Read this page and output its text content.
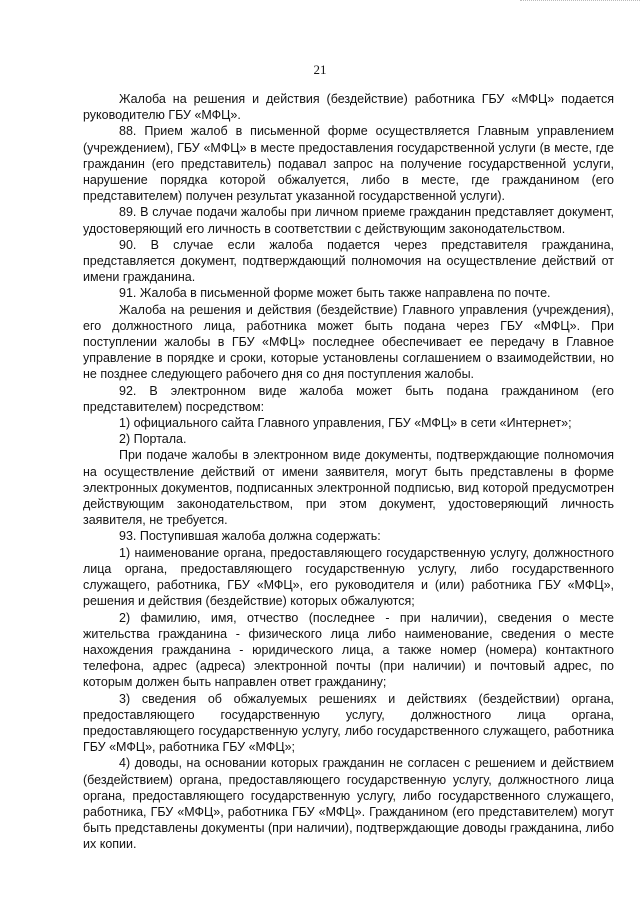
21

Жалоба на решения и действия (бездействие) работника ГБУ «МФЦ» подается руководителю ГБУ «МФЦ».

88. Прием жалоб в письменной форме осуществляется Главным управлением (учреждением), ГБУ «МФЦ» в месте предоставления государственной услуги (в месте, где гражданин (его представитель) подавал запрос на получение государственной услуги, нарушение порядка которой обжалуется, либо в месте, где гражданином (его представителем) получен результат указанной государственной услуги).

89. В случае подачи жалобы при личном приеме гражданин представляет документ, удостоверяющий его личность в соответствии с действующим законодательством.

90. В случае если жалоба подается через представителя гражданина, представляется документ, подтверждающий полномочия на осуществление действий от имени гражданина.

91. Жалоба в письменной форме может быть также направлена по почте.

Жалоба на решения и действия (бездействие) Главного управления (учреждения), его должностного лица, работника может быть подана через ГБУ «МФЦ». При поступлении жалобы в ГБУ «МФЦ» последнее обеспечивает ее передачу в Главное управление в порядке и сроки, которые установлены соглашением о взаимодействии, но не позднее следующего рабочего дня со дня поступления жалобы.

92. В электронном виде жалоба может быть подана гражданином (его представителем) посредством:

1) официального сайта Главного управления, ГБУ «МФЦ» в сети «Интернет»;

2) Портала.

При подаче жалобы в электронном виде документы, подтверждающие полномочия на осуществление действий от имени заявителя, могут быть представлены в форме электронных документов, подписанных электронной подписью, вид которой предусмотрен действующим законодательством, при этом документ, удостоверяющий личность заявителя, не требуется.

93. Поступившая жалоба должна содержать:

1) наименование органа, предоставляющего государственную услугу, должностного лица органа, предоставляющего государственную услугу, либо государственного служащего, работника, ГБУ «МФЦ», его руководителя и (или) работника ГБУ «МФЦ», решения и действия (бездействие) которых обжалуются;

2) фамилию, имя, отчество (последнее - при наличии), сведения о месте жительства гражданина - физического лица либо наименование, сведения о месте нахождения гражданина - юридического лица, а также номер (номера) контактного телефона, адрес (адреса) электронной почты (при наличии) и почтовый адрес, по которым должен быть направлен ответ гражданину;

3) сведения об обжалуемых решениях и действиях (бездействии) органа, предоставляющего государственную услугу, должностного лица органа, предоставляющего государственную услугу, либо государственного служащего, работника ГБУ «МФЦ», работника ГБУ «МФЦ»;

4) доводы, на основании которых гражданин не согласен с решением и действием (бездействием) органа, предоставляющего государственную услугу, должностного лица органа, предоставляющего государственную услугу, либо государственного служащего, работника, ГБУ «МФЦ», работника ГБУ «МФЦ». Гражданином (его представителем) могут быть представлены документы (при наличии), подтверждающие доводы гражданина, либо их копии.
